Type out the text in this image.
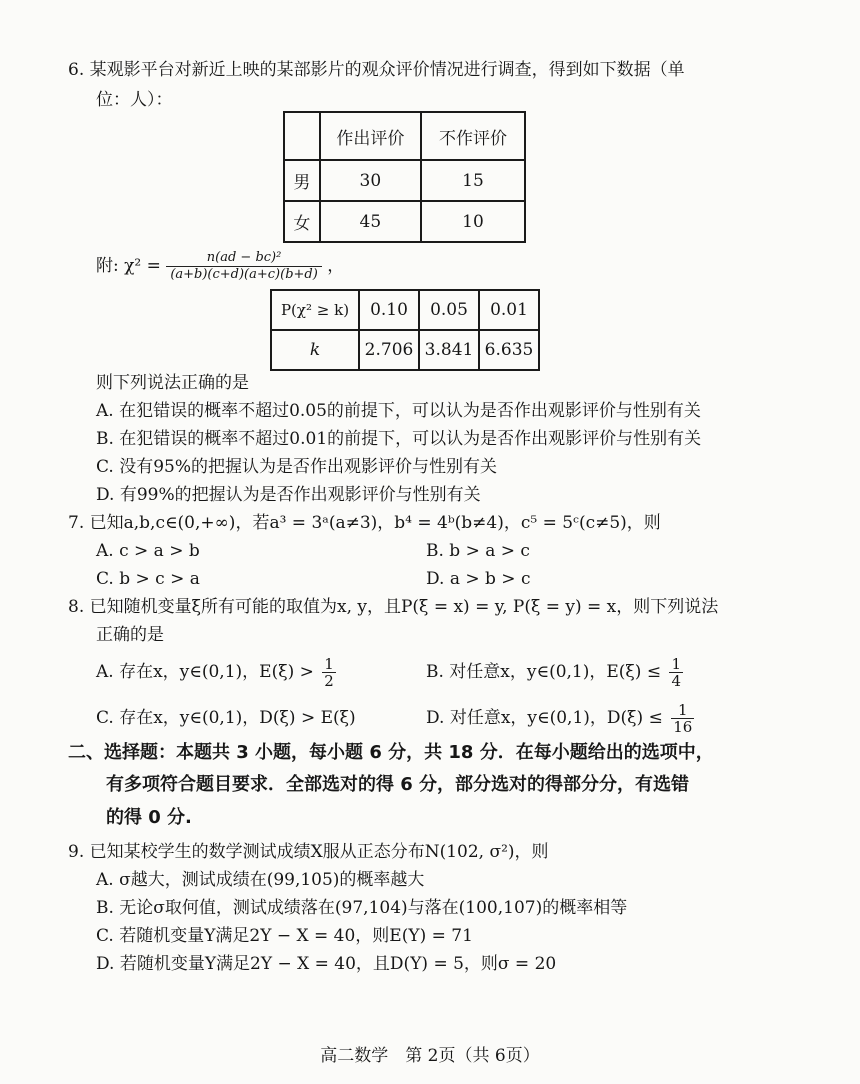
6. 某观影平台对新近上映的某部影片的观众评价情况进行调查，得到如下数据（单
位：人）：
	作出评价	不作评价
男	30	15
女	45	10
附: $\chi^2 = \frac{\text{n(ad − bc)²}}{(a+b)(c+d)(a+c)(b+d)}$ ，
P(χ² ≥ k)	0.10	0.05	0.01
k	2.706	3.841	6.635
则下列说法正确的是
A. 在犯错误的概率不超过0.05的前提下，可以认为是否作出观影评价与性别有关
B. 在犯错误的概率不超过0.01的前提下，可以认为是否作出观影评价与性别有关
C. 没有95%的把握认为是否作出观影评价与性别有关
D. 有99%的把握认为是否作出观影评价与性别有关
7. 已知a,b,c∈(0,+∞)，若a³ = 3ᵃ(a≠3)，b⁴ = 4ᵇ(b≠4)，c⁵ = 5ᶜ(c≠5)，则
A. c > a > b	B. b > a > c
C. b > c > a	D. a > b > c
8. 已知随机变量ξ所有可能的取值为x, y，且P(ξ = x) = y, P(ξ = y) = x，则下列说法
正确的是
A. 存在x，y∈(0,1)，$E(\xi) > \frac{1}{2}$	B. 对任意x，y∈(0,1)，$E(\xi) \le \frac{1}{4}$
C. 存在x，y∈(0,1)，D(ξ) > E(ξ)	D. 对任意x，y∈(0,1)，$D(\xi) \le \frac{1}{16}$
二、选择题：本题共 3 小题，每小题 6 分，共 18 分．在每小题给出的选项中，
有多项符合题目要求．全部选对的得 6 分，部分选对的得部分分，有选错
的得 0 分.
9. 已知某校学生的数学测试成绩X服从正态分布N(102, σ²)，则
A. σ越大，测试成绩在(99,105)的概率越大
B. 无论σ取何值，测试成绩落在(97,104)与落在(100,107)的概率相等
C. 若随机变量Y满足2Y − X = 40，则E(Y) = 71
D. 若随机变量Y满足2Y − X = 40，且D(Y) = 5，则σ = 20
高二数学　第 2页（共 6页）
